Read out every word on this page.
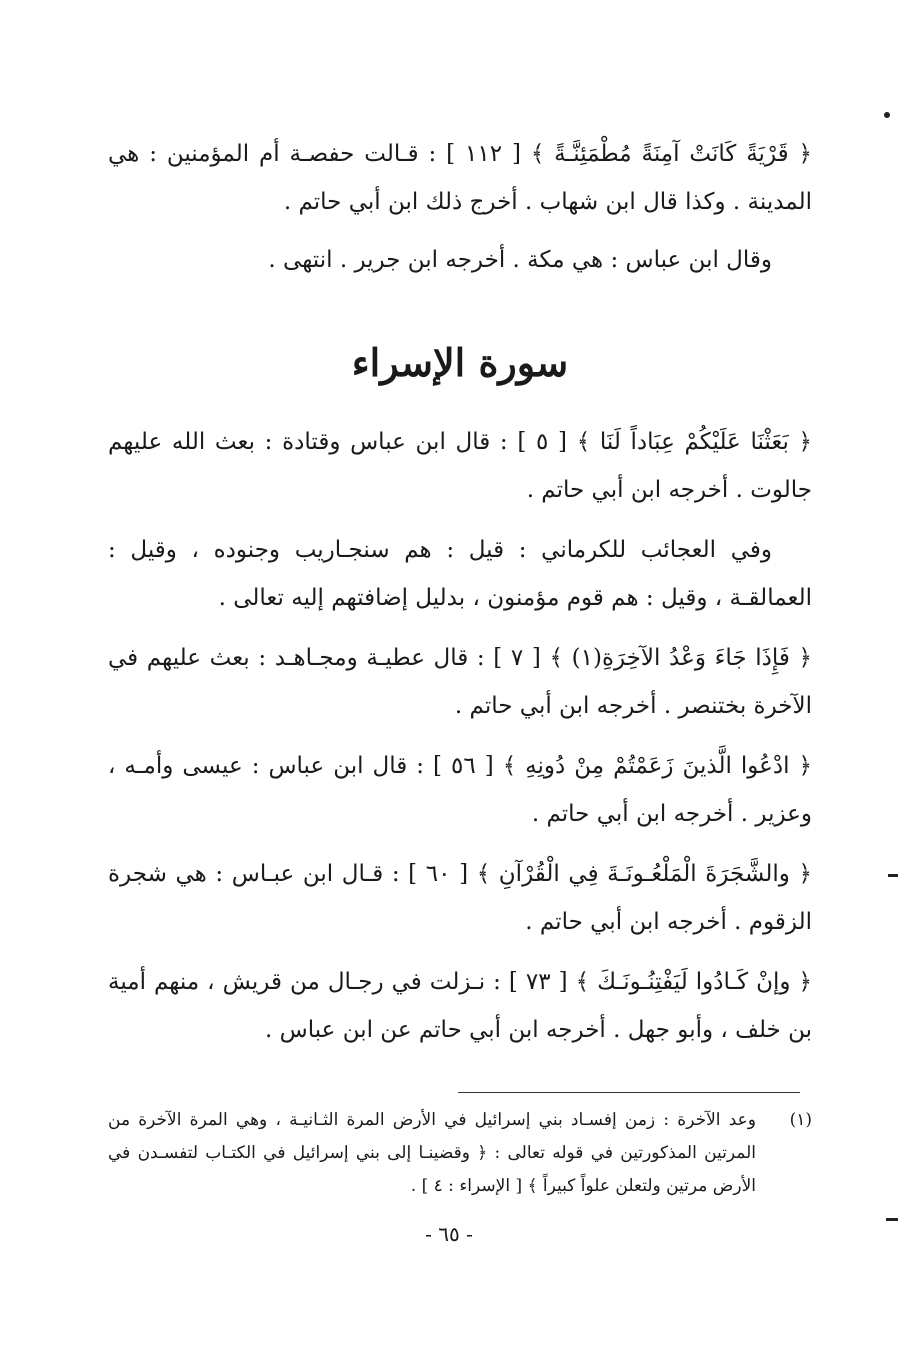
﴿ قَرْيَةً كَانَتْ آمِنَةً مُطْمَئِنَّـةً ﴾ [ ١١٢ ] : قـالت حفصـة أم المؤمنين : هي المدينة . وكذا قال ابن شهاب . أخرج ذلك ابن أبي حاتم .

وقال ابن عباس : هي مكة . أخرجه ابن جرير . انتهى .

سورة الإسراء

﴿ بَعَثْنَا عَلَيْكُمْ عِبَاداً لَنَا ﴾ [ ٥ ] : قال ابن عباس وقتادة : بعث الله عليهم جالوت . أخرجه ابن أبي حاتم .

وفي العجائب للكرماني : قيل : هم سنجـاريب وجنوده ، وقيل : العمالقـة ، وقيل : هم قوم مؤمنون ، بدليل إضافتهم إليه تعالى .

﴿ فَإِذَا جَاءَ وَعْدُ الآخِرَةِ(١) ﴾ [ ٧ ] : قال عطيـة ومجـاهـد : بعث عليهم في الآخرة بختنصر . أخرجه ابن أبي حاتم .

﴿ ادْعُوا الَّذينَ زَعَمْتُمْ مِنْ دُونِهِ ﴾ [ ٥٦ ] : قال ابن عباس : عيسى وأمـه ، وعزير . أخرجه ابن أبي حاتم .

﴿ والشَّجَرَةَ الْمَلْعُـونَـةَ فِي الْقُرْآنِ ﴾ [ ٦٠ ] : قـال ابن عبـاس : هي شجرة الزقوم . أخرجه ابن أبي حاتم .

﴿ وإنْ كَـادُوا لَيَفْتِنُـونَـكَ ﴾ [ ٧٣ ] : نـزلت في رجـال من قريش ، منهم أمية بن خلف ، وأبو جهل . أخرجه ابن أبي حاتم عن ابن عباس .

(١)
وعد الآخرة : زمن إفسـاد بني إسرائيل في الأرض المرة الثـانيـة ، وهي المرة الآخرة من المرتين المذكورتين في قوله تعالى : ﴿ وقضينـا إلى بني إسرائيل في الكتـاب لتفسـدن في الأرض مرتين ولتعلن علواً كبيراً ﴾ [ الإسراء : ٤ ] .
- ٦٥ -
